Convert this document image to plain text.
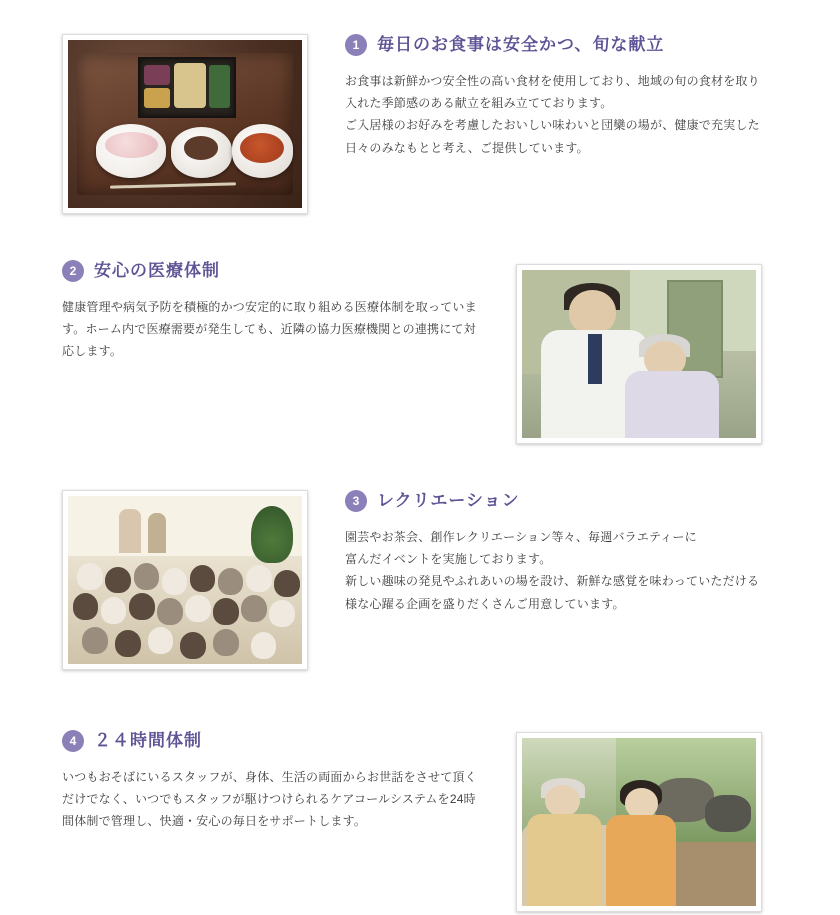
1	毎日のお食事は安全かつ、旬な献立

お食事は新鮮かつ安全性の高い食材を使用しており、地域の旬の食材を取り

入れた季節感のある献立を組み立てております。

ご入居様のお好みを考慮したおいしい味わいと団欒の場が、健康で充実した

日々のみなもとと考え、ご提供しています。

2	安心の医療体制

健康管理や病気予防を積極的かつ安定的に取り組める医療体制を取っていま

す。ホーム内で医療需要が発生しても、近隣の協力医療機関との連携にて対

応します。

3	レクリエーション

園芸やお茶会、創作レクリエーション等々、毎週バラエティーに

富んだイベントを実施しております。

新しい趣味の発見やふれあいの場を設け、新鮮な感覚を味わっていただける

様な心躍る企画を盛りだくさんご用意しています。

4	２４時間体制

いつもおそばにいるスタッフが、身体、生活の両面からお世話をさせて頂く

だけでなく、いつでもスタッフが駆けつけられるケアコールシステムを24時

間体制で管理し、快適・安心の毎日をサポートします。
